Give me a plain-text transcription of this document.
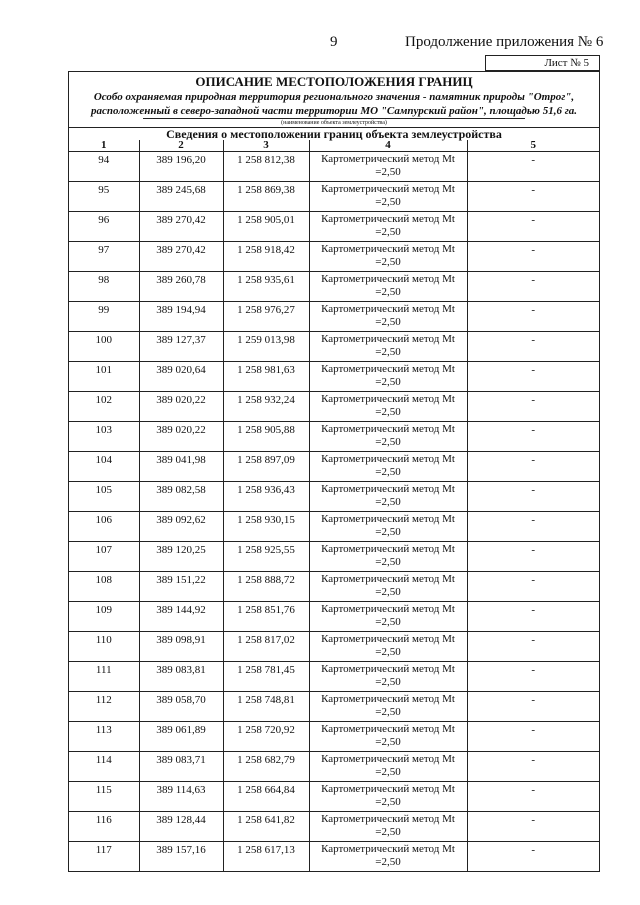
9	Продолжение приложения № 6
Лист № 5
ОПИСАНИЕ МЕСТОПОЛОЖЕНИЯ ГРАНИЦ
Особо охраняемая природная территория регионального значения - памятник природы "Отрог",
расположенный в северо-западной части территории МО "Сампурский район", площадью 51,6 га.
(наименование объекта землеустройства)
Сведения о местоположении границ объекта землеустройства
1	2	3	4	5
94	389 196,20	1 258 812,38	Картометрический метод Mt
=2,50	-
95	389 245,68	1 258 869,38	Картометрический метод Mt
=2,50	-
96	389 270,42	1 258 905,01	Картометрический метод Mt
=2,50	-
97	389 270,42	1 258 918,42	Картометрический метод Mt
=2,50	-
98	389 260,78	1 258 935,61	Картометрический метод Mt
=2,50	-
99	389 194,94	1 258 976,27	Картометрический метод Mt
=2,50	-
100	389 127,37	1 259 013,98	Картометрический метод Mt
=2,50	-
101	389 020,64	1 258 981,63	Картометрический метод Mt
=2,50	-
102	389 020,22	1 258 932,24	Картометрический метод Mt
=2,50	-
103	389 020,22	1 258 905,88	Картометрический метод Mt
=2,50	-
104	389 041,98	1 258 897,09	Картометрический метод Mt
=2,50	-
105	389 082,58	1 258 936,43	Картометрический метод Mt
=2,50	-
106	389 092,62	1 258 930,15	Картометрический метод Mt
=2,50	-
107	389 120,25	1 258 925,55	Картометрический метод Mt
=2,50	-
108	389 151,22	1 258 888,72	Картометрический метод Mt
=2,50	-
109	389 144,92	1 258 851,76	Картометрический метод Mt
=2,50	-
110	389 098,91	1 258 817,02	Картометрический метод Mt
=2,50	-
111	389 083,81	1 258 781,45	Картометрический метод Mt
=2,50	-
112	389 058,70	1 258 748,81	Картометрический метод Mt
=2,50	-
113	389 061,89	1 258 720,92	Картометрический метод Mt
=2,50	-
114	389 083,71	1 258 682,79	Картометрический метод Mt
=2,50	-
115	389 114,63	1 258 664,84	Картометрический метод Mt
=2,50	-
116	389 128,44	1 258 641,82	Картометрический метод Mt
=2,50	-
117	389 157,16	1 258 617,13	Картометрический метод Mt
=2,50	-
